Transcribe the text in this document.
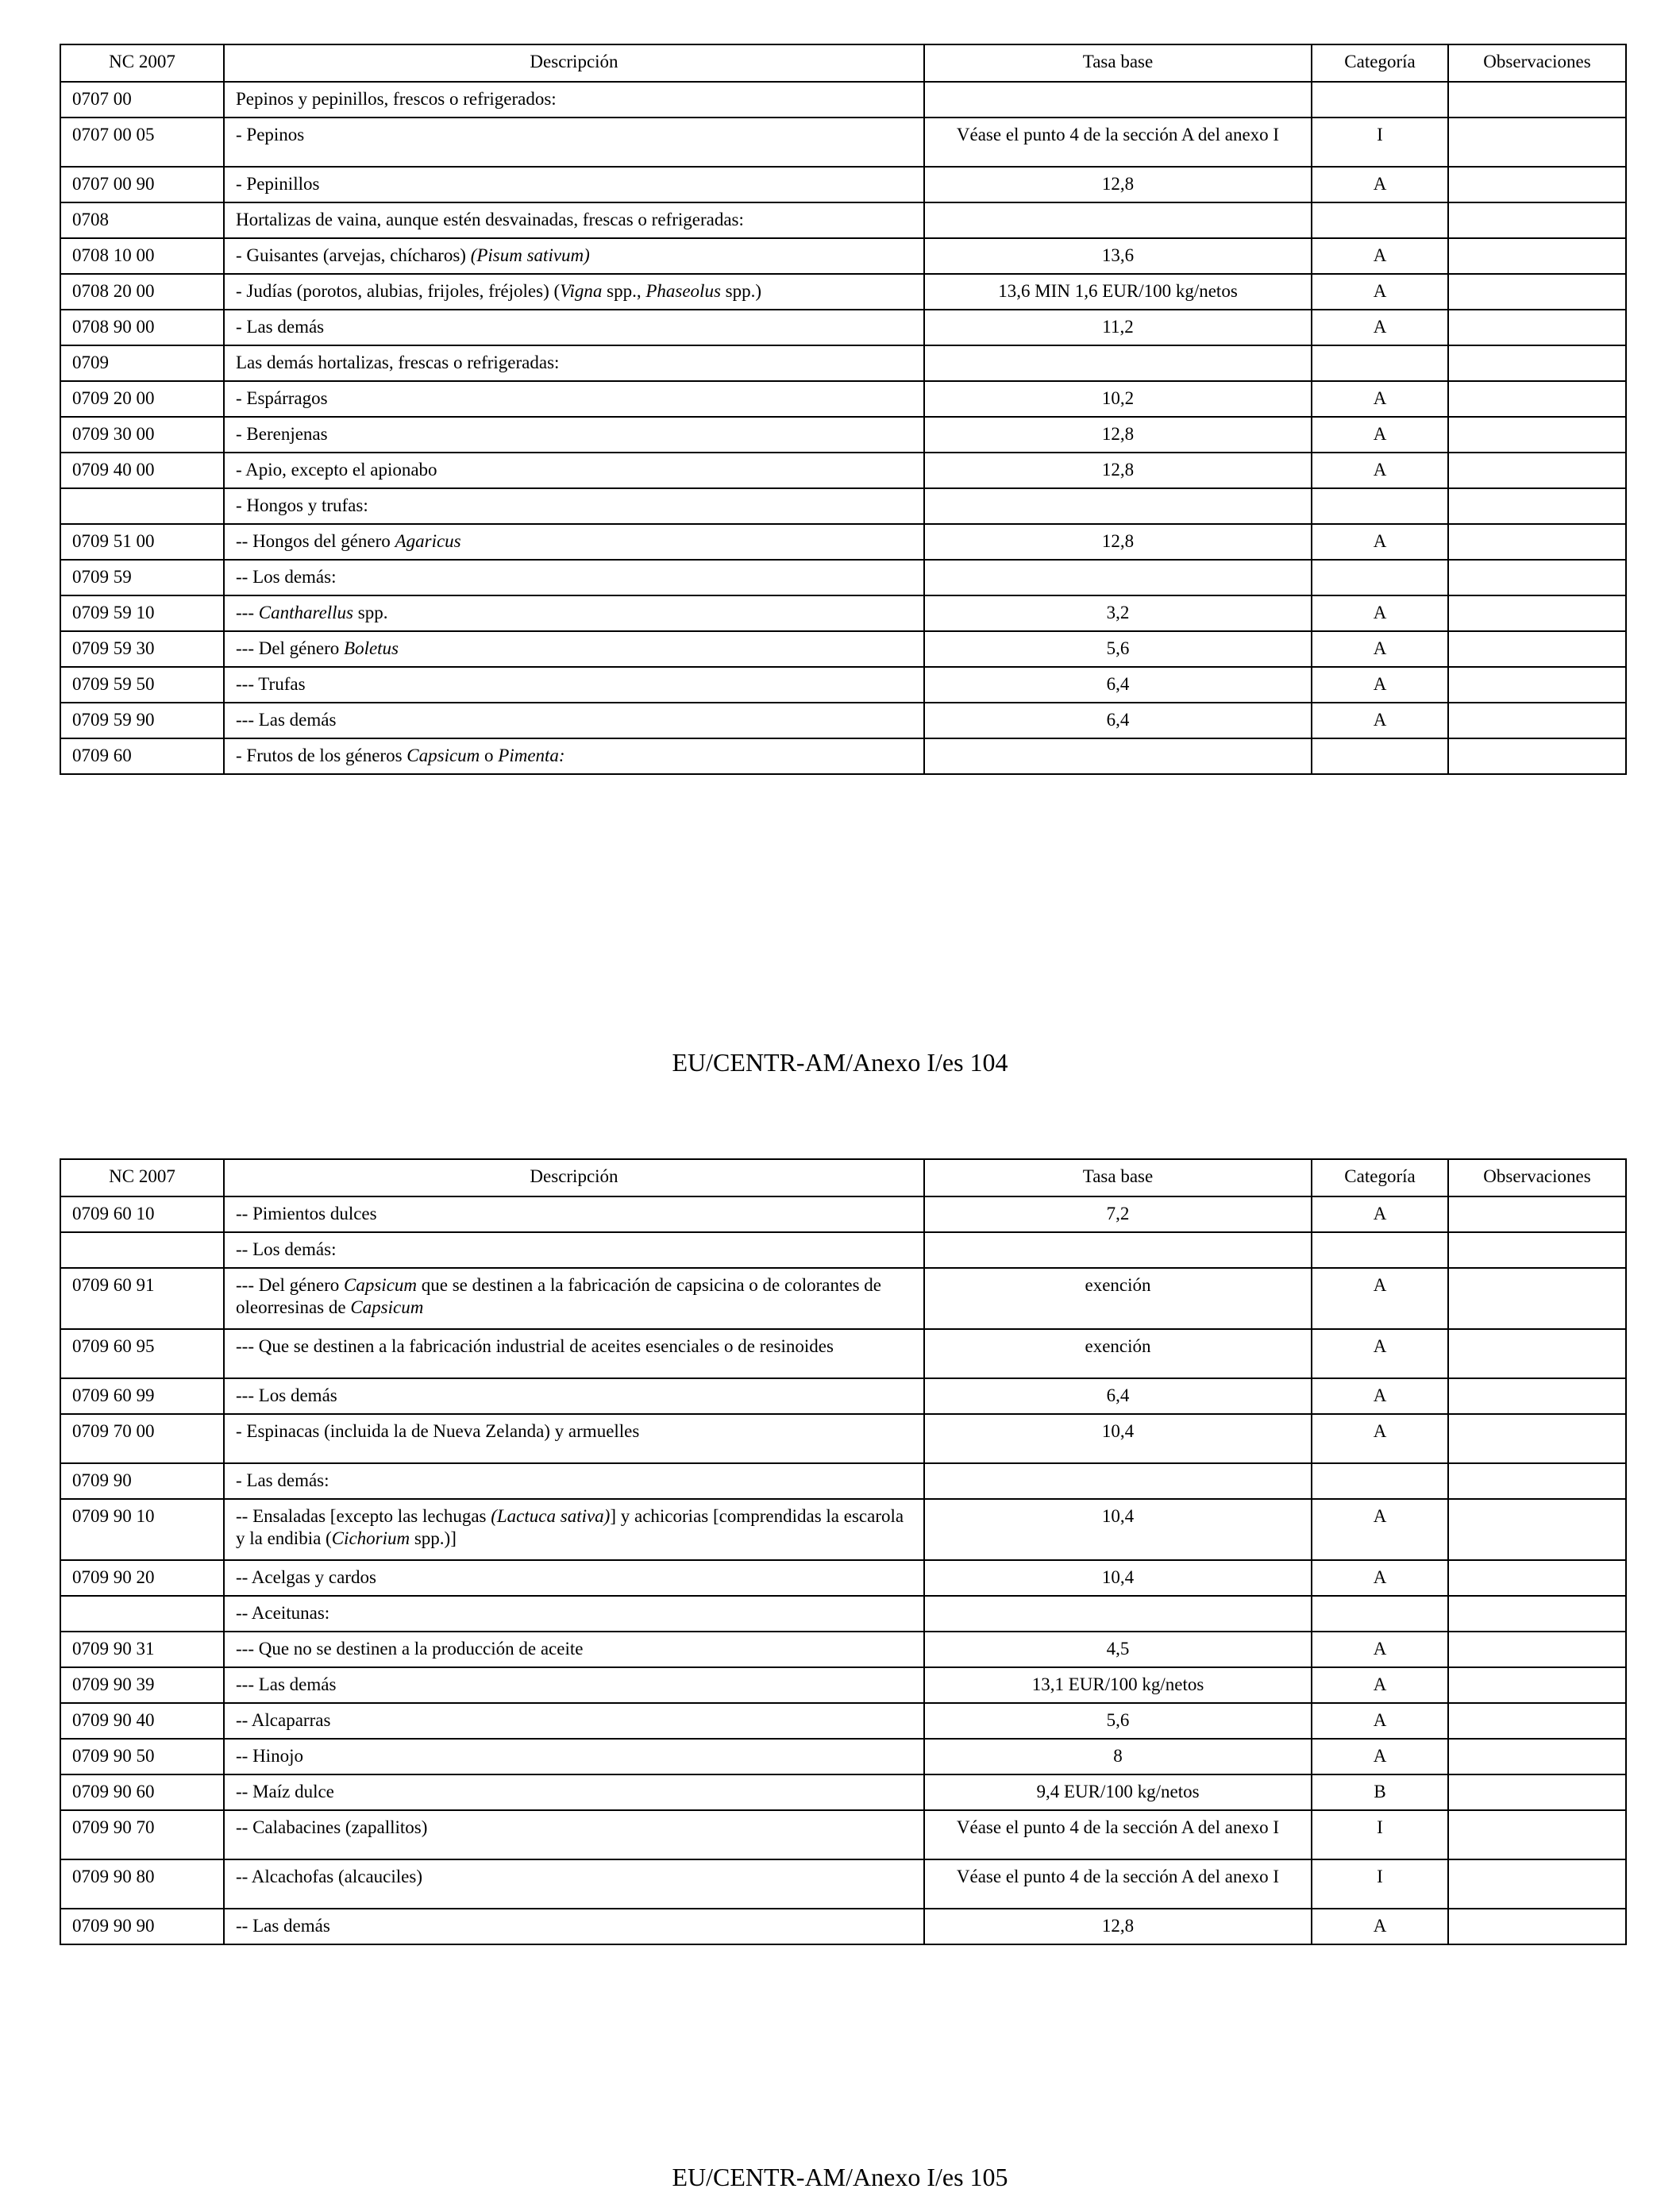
NC 2007	Descripción	Tasa base	Categoría	Observaciones
0707 00	Pepinos y pepinillos, frescos o refrigerados:			
0707 00 05	- Pepinos	Véase el punto 4 de la sección A del anexo I	I	
0707 00 90	- Pepinillos	12,8	A	
0708	Hortalizas de vaina, aunque estén desvainadas, frescas o refrigeradas:			
0708 10 00	- Guisantes (arvejas, chícharos) (Pisum sativum)	13,6	A	
0708 20 00	- Judías (porotos, alubias, frijoles, fréjoles) (Vigna spp., Phaseolus spp.)	13,6 MIN 1,6 EUR/100 kg/netos	A	
0708 90 00	- Las demás	11,2	A	
0709	Las demás hortalizas, frescas o refrigeradas:			
0709 20 00	- Espárragos	10,2	A	
0709 30 00	- Berenjenas	12,8	A	
0709 40 00	- Apio, excepto el apionabo	12,8	A	
	- Hongos y trufas:			
0709 51 00	-- Hongos del género Agaricus	12,8	A	
0709 59	-- Los demás:			
0709 59 10	--- Cantharellus spp.	3,2	A	
0709 59 30	--- Del género Boletus	5,6	A	
0709 59 50	--- Trufas	6,4	A	
0709 59 90	--- Las demás	6,4	A	
0709 60	- Frutos de los géneros Capsicum o Pimenta:			
EU/CENTR-AM/Anexo I/es 104
NC 2007	Descripción	Tasa base	Categoría	Observaciones
0709 60 10	-- Pimientos dulces	7,2	A	
	-- Los demás:			
0709 60 91	--- Del género Capsicum que se destinen a la fabricación de capsicina o de colorantes de oleorresinas de Capsicum	exención	A	
0709 60 95	--- Que se destinen a la fabricación industrial de aceites esenciales o de resinoides	exención	A	
0709 60 99	--- Los demás	6,4	A	
0709 70 00	- Espinacas (incluida la de Nueva Zelanda) y armuelles	10,4	A	
0709 90	- Las demás:			
0709 90 10	-- Ensaladas [excepto las lechugas (Lactuca sativa)] y achicorias [comprendidas la escarola y la endibia (Cichorium spp.)]	10,4	A	
0709 90 20	-- Acelgas y cardos	10,4	A	
	-- Aceitunas:			
0709 90 31	--- Que no se destinen a la producción de aceite	4,5	A	
0709 90 39	--- Las demás	13,1 EUR/100 kg/netos	A	
0709 90 40	-- Alcaparras	5,6	A	
0709 90 50	-- Hinojo	8	A	
0709 90 60	-- Maíz dulce	9,4 EUR/100 kg/netos	B	
0709 90 70	-- Calabacines (zapallitos)	Véase el punto 4 de la sección A del anexo I	I	
0709 90 80	-- Alcachofas (alcauciles)	Véase el punto 4 de la sección A del anexo I	I	
0709 90 90	-- Las demás	12,8	A	
EU/CENTR-AM/Anexo I/es 105
